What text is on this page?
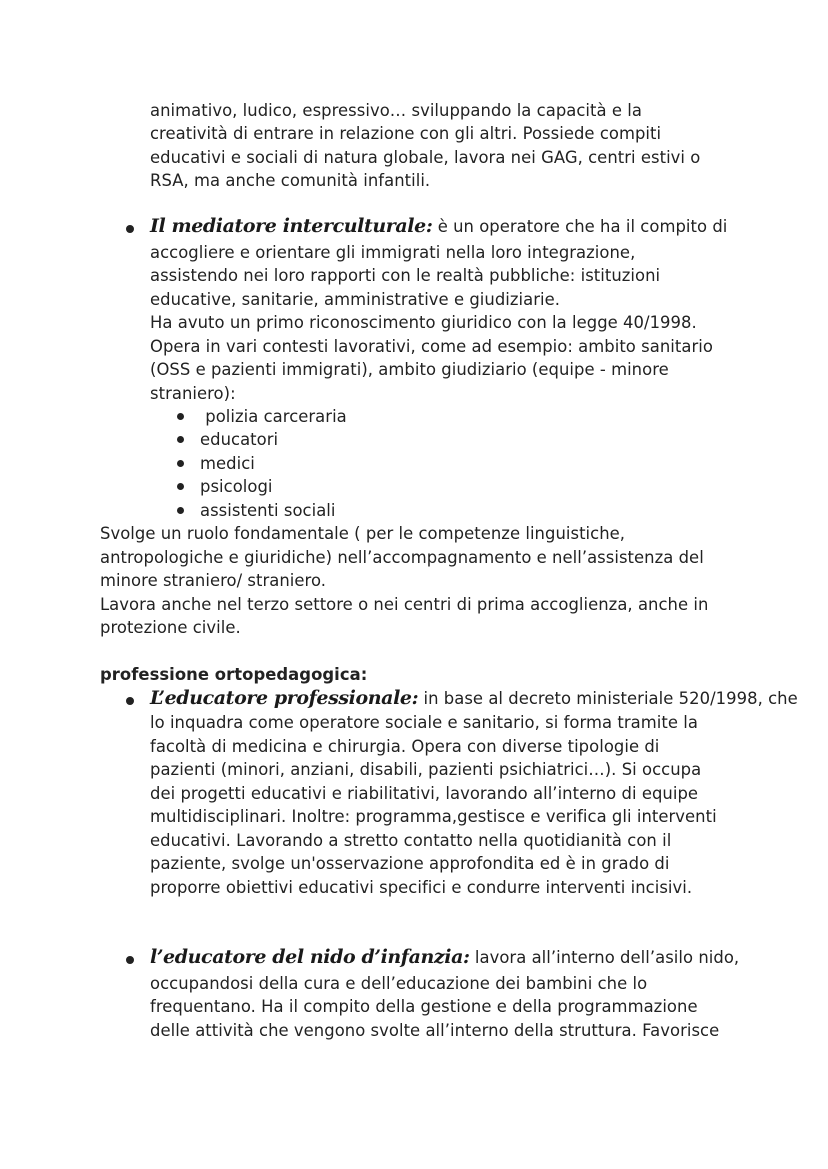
animativo, ludico, espressivo… sviluppando la capacità e la
creatività di entrare in relazione con gli altri. Possiede compiti
educativi e sociali di natura globale, lavora nei GAG, centri estivi o
RSA, ma anche comunità infantili.
Il mediatore interculturale: è un operatore che ha il compito di
accogliere e orientare gli immigrati nella loro integrazione,
assistendo nei loro rapporti con le realtà pubbliche: istituzioni
educative, sanitarie, amministrative e giudiziarie.
Ha avuto un primo riconoscimento giuridico con la legge 40/1998.
Opera in vari contesti lavorativi, come ad esempio: ambito sanitario
(OSS e pazienti immigrati), ambito giudiziario (equipe - minore
straniero):
polizia carceraria
educatori
medici
psicologi
assistenti sociali
Svolge un ruolo fondamentale ( per le competenze linguistiche,
antropologiche e giuridiche) nell’accompagnamento e nell’assistenza del
minore straniero/ straniero.
Lavora anche nel terzo settore o nei centri di prima accoglienza, anche in
protezione civile.
professione ortopedagogica:
L’educatore professionale: in base al decreto ministeriale 520/1998, che
lo inquadra come operatore sociale e sanitario, si forma tramite la
facoltà di medicina e chirurgia. Opera con diverse tipologie di
pazienti (minori, anziani, disabili, pazienti psichiatrici…). Si occupa
dei progetti educativi e riabilitativi, lavorando all’interno di equipe
multidisciplinari. Inoltre: programma,gestisce e verifica gli interventi
educativi. Lavorando a stretto contatto nella quotidianità con il
paziente, svolge un'osservazione approfondita ed è in grado di
proporre obiettivi educativi specifici e condurre interventi incisivi.
l’educatore del nido d’infanzia: lavora all’interno dell’asilo nido,
occupandosi della cura e dell’educazione dei bambini che lo
frequentano. Ha il compito della gestione e della programmazione
delle attività che vengono svolte all’interno della struttura. Favorisce
